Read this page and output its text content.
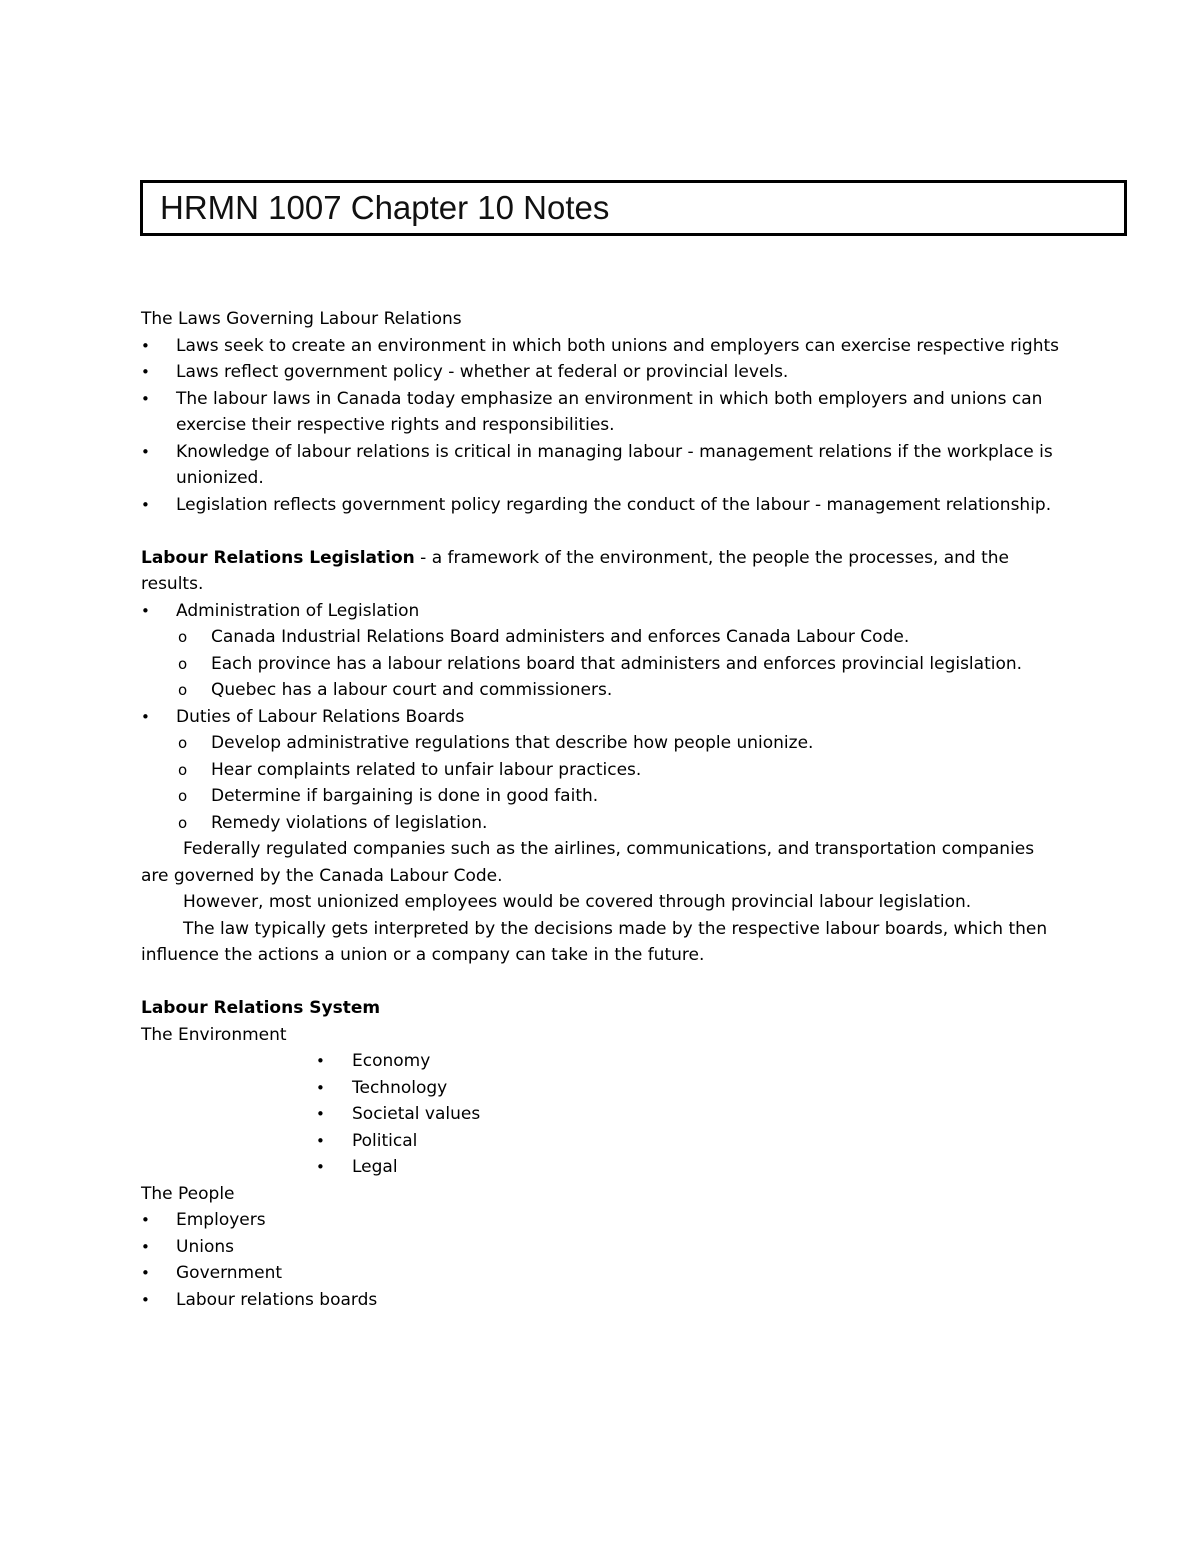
HRMN 1007 Chapter 10 Notes
The Laws Governing Labour Relations
• Laws seek to create an environment in which both unions and employers can exercise respective rights
• Laws reflect government policy - whether at federal or provincial levels.
• The labour laws in Canada today emphasize an environment in which both employers and unions can exercise their respective rights and responsibilities.
• Knowledge of labour relations is critical in managing labour - management relations if the workplace is unionized.
• Legislation reflects government policy regarding the conduct of the labour - management relationship.
Labour Relations Legislation - a framework of the environment, the people the processes, and the results.
• Administration of Legislation
o Canada Industrial Relations Board administers and enforces Canada Labour Code.
o Each province has a labour relations board that administers and enforces provincial legislation.
o Quebec has a labour court and commissioners.
• Duties of Labour Relations Boards
o Develop administrative regulations that describe how people unionize.
o Hear complaints related to unfair labour practices.
o Determine if bargaining is done in good faith.
o Remedy violations of legislation.
Federally regulated companies such as the airlines, communications, and transportation companies are governed by the Canada Labour Code.
However, most unionized employees would be covered through provincial labour legislation.
The law typically gets interpreted by the decisions made by the respective labour boards, which then influence the actions a union or a company can take in the future.
Labour Relations System
The Environment
• Economy
• Technology
• Societal values
• Political
• Legal
The People
• Employers
• Unions
• Government
• Labour relations boards
